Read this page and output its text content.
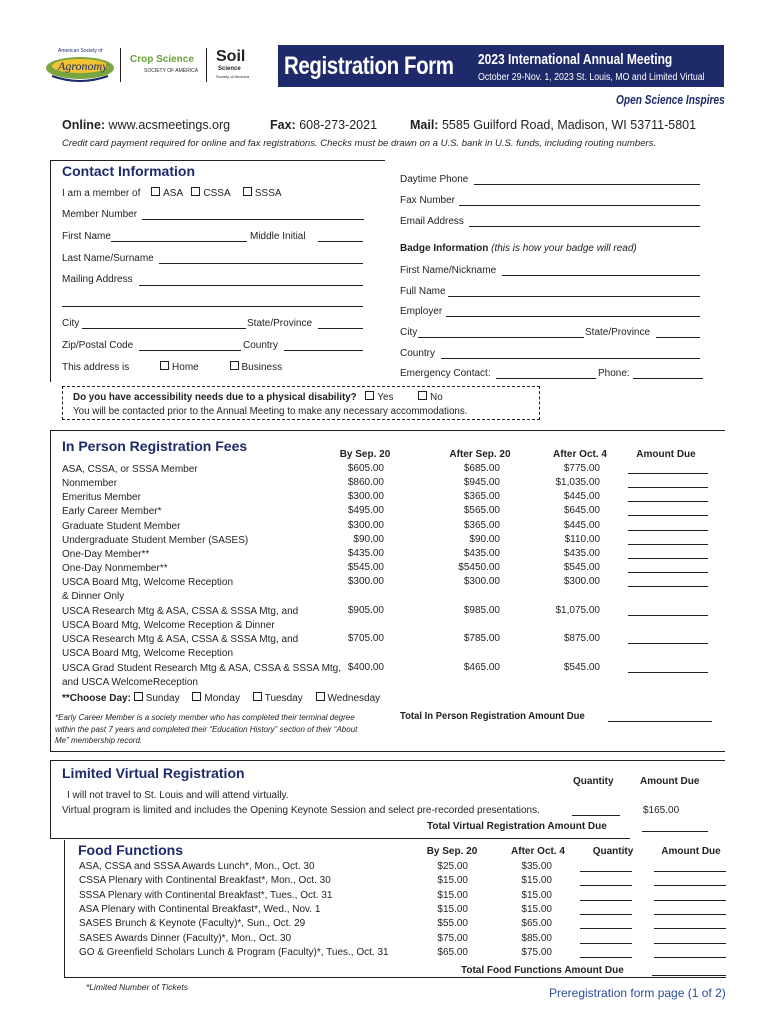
American Society of
Agronomy Crop Science
SOCIETY OF AMERICA
Soil
Science
Society of America Registration Form 2023 International Annual Meeting
October 29-Nov. 1, 2023 St. Louis, MO and Limited Virtual
Open Science Inspires
Online: www.acsmeetings.org	Fax: 608-273-2021	Mail: 5585 Guilford Road, Madison, WI 53711-5801
Credit card payment required for online and fax registrations. Checks must be drawn on a U.S. bank in U.S. funds, including routing numbers.
Contact Information
I am a member of ASA CSSA SSSA
Member Number
First Name	Middle Initial
Last Name/Surname
Mailing Address
City	State/Province
Zip/Postal Code	Country
This address is	Home	Business
Daytime Phone
Fax Number
Email Address
Badge Information (this is how your badge will read)
First Name/Nickname
Full Name
Employer
City	State/Province
Country
Emergency Contact:	Phone:
Do you have accessibility needs due to a physical disability? Yes	No
You will be contacted prior to the Annual Meeting to make any necessary accommodations.
In Person Registration Fees
By Sep. 20	After Sep. 20	After Oct. 4	Amount Due
ASA, CSSA, or SSSA Member	$605.00	$685.00	$775.00
Nonmember	$860.00	$945.00	$1,035.00
Emeritus Member	$300.00	$365.00	$445.00
Early Career Member*	$495.00	$565.00	$645.00
Graduate Student Member	$300.00	$365.00	$445.00
Undergraduate Student Member (SASES)	$90.00	$90.00	$110.00
One-Day Member**	$435.00	$435.00	$435.00
One-Day Nonmember**	$545.00	$5450.00	$545.00
USCA Board Mtg, Welcome Reception
& Dinner Only
$300.00	$300.00	$300.00
USCA Research Mtg & ASA, CSSA & SSSA Mtg, and
USCA Board Mtg, Welcome Reception & Dinner
$905.00	$985.00	$1,075.00
USCA Research Mtg & ASA, CSSA & SSSA Mtg, and
USCA Board Mtg, Welcome Reception
$705.00	$785.00	$875.00
USCA Grad Student Research Mtg & ASA, CSSA & SSSA Mtg,
and USCA WelcomeReception
$400.00	$465.00	$545.00
**Choose Day: Sunday Monday Tuesday Wednesday
*Early Career Member is a society member who has completed their terminal degree within the past 7 years and completed their “Education History” section of their “About Me” membership record.
Total In Person Registration Amount Due
Limited Virtual Registration
Quantity	Amount Due
I will not travel to St. Louis and will attend virtually.
Virtual program is limited and includes the Opening Keynote Session and select pre-recorded presentations.	$165.00
Total Virtual Registration Amount Due
Food Functions	By Sep. 20	After Oct. 4	Quantity	Amount Due
ASA, CSSA and SSSA Awards Lunch*, Mon., Oct. 30	$25.00	$35.00
CSSA Plenary with Continental Breakfast*, Mon., Oct. 30	$15.00	$15.00
SSSA Plenary with Continental Breakfast*, Tues., Oct. 31	$15.00	$15.00
ASA Plenary with Continental Breakfast*, Wed., Nov. 1	$15.00	$15.00
SASES Brunch & Keynote (Faculty)*, Sun., Oct. 29	$55.00	$65.00
SASES Awards Dinner (Faculty)*, Mon., Oct. 30	$75.00	$85.00
GO & Greenfield Scholars Lunch & Program (Faculty)*, Tues., Oct. 31	$65.00	$75.00
Total Food Functions Amount Due
*Limited Number of Tickets	Preregistration form page (1 of 2)
